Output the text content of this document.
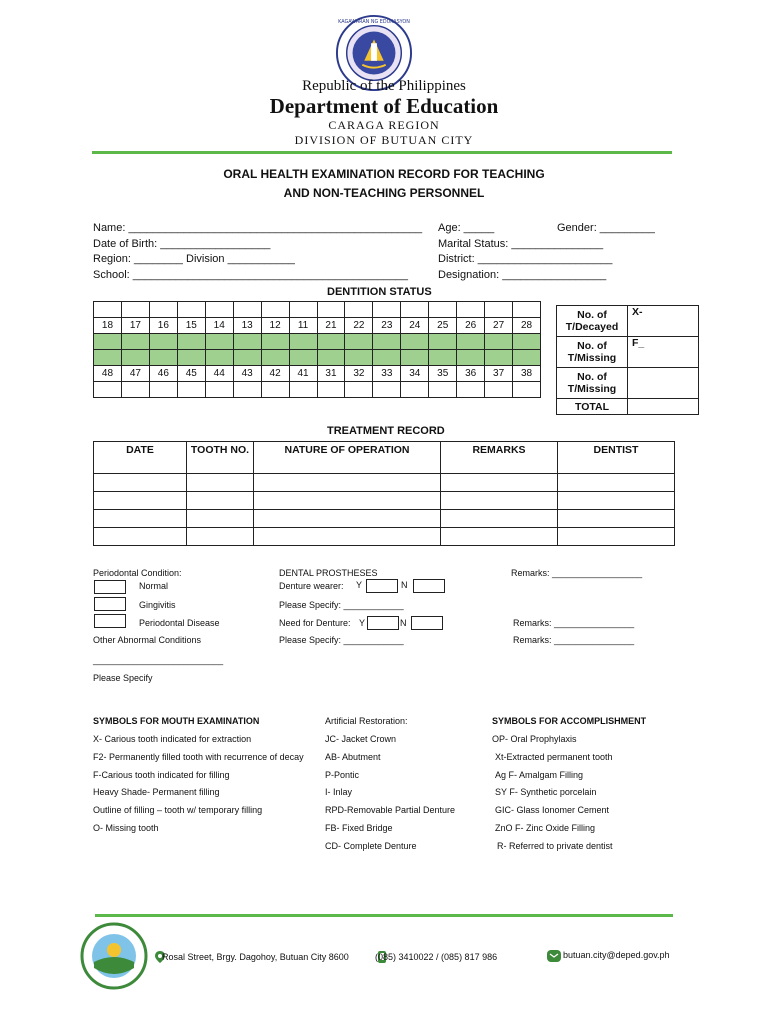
KAGAWARAN NG EDUKASYON
Republic of the Philippines
Department of Education
CARAGA REGION
DIVISION OF BUTUAN CITY
ORAL HEALTH EXAMINATION RECORD FOR TEACHING
AND NON-TEACHING PERSONNEL
Name: ________________________________________________ Age: _____	Gender: _________
Date of Birth: __________________	Marital Status: _______________
Region: ________ Division ___________	District: ______________________
School: _____________________________________________	Designation: _________________
DENTITION STATUS

18	17	16	15	14	13	12	11	21	22	23	24	25	26	27	28

48	47	46	45	44	43	42	41	31	32	33	34	35	36	37	38

No. of T/Decayed	X-
No. of T/Missing	F_
No. of T/Missing	
TOTAL	
TREATMENT RECORD
DATE	TOOTH NO.	NATURE OF OPERATION	REMARKS	DENTIST

Periodontal Condition:
Normal
Gingivitis
Periodontal Disease
Other Abnormal Conditions
__________________________
Please Specify
DENTAL PROSTHESES
Denture wearer: Y	N
Please Specify: ____________
Need for Denture: Y	N
Please Specify: ____________
Remarks: __________________
Remarks: ________________
Remarks: ________________
SYMBOLS FOR MOUTH EXAMINATION
X- Carious tooth indicated for extraction
F2- Permanently filled tooth with recurrence of decay
F-Carious tooth indicated for filling
Heavy Shade- Permanent filling
Outline of filling – tooth w/ temporary filling
O- Missing tooth
Artificial Restoration:
JC- Jacket Crown
AB- Abutment
P-Pontic
I- Inlay
RPD-Removable Partial Denture
FB- Fixed Bridge
CD- Complete Denture
SYMBOLS FOR ACCOMPLISHMENT
OP- Oral Prophylaxis
Xt-Extracted permanent tooth
Ag F- Amalgam Filling
SY F- Synthetic porcelain
GIC- Glass Ionomer Cement
ZnO F- Zinc Oxide Filling
R- Referred to private dentist
Rosal Street, Brgy. Dagohoy, Butuan City 8600	(085) 3410022 / (085) 817 986	butuan.city@deped.gov.ph
